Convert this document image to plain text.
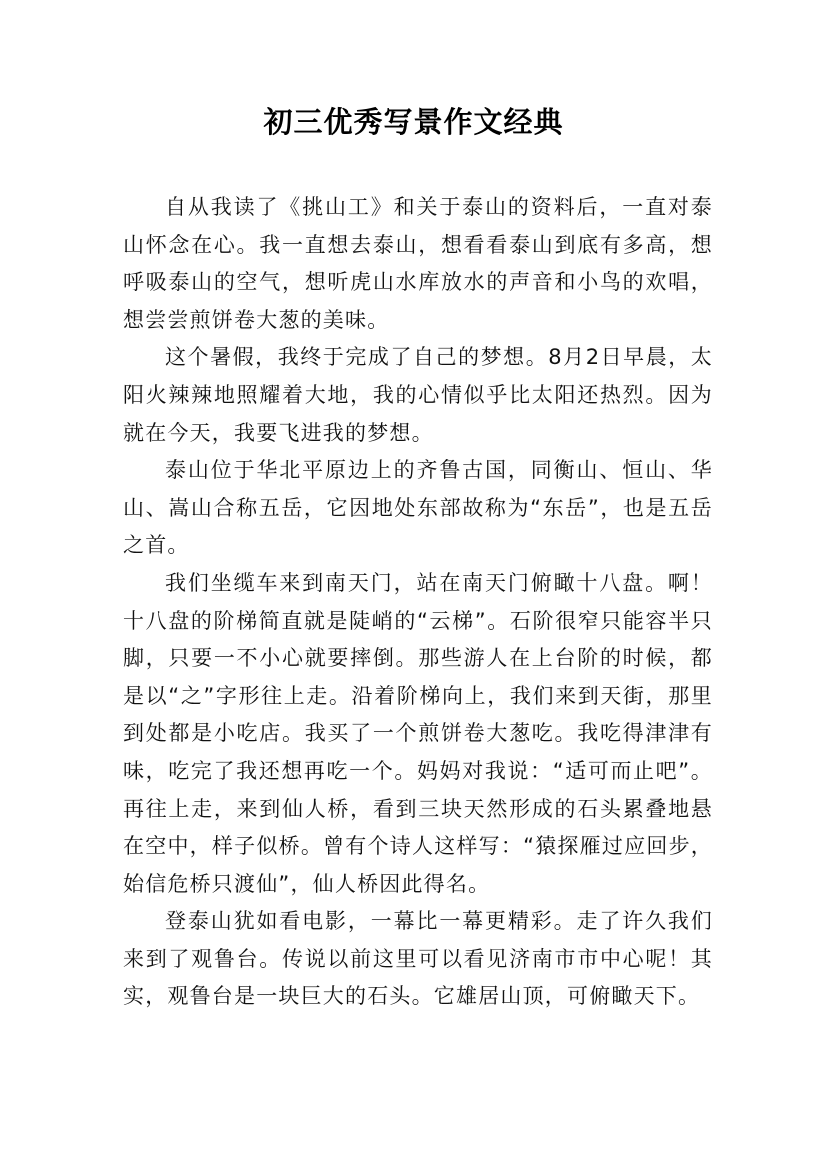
初三优秀写景作文经典

自从我读了《挑山工》和关于泰山的资料后，一直对泰山怀念在心。我一直想去泰山，想看看泰山到底有多高，想呼吸泰山的空气，想听虎山水库放水的声音和小鸟的欢唱，想尝尝煎饼卷大葱的美味。

这个暑假，我终于完成了自己的梦想。8月2日早晨，太阳火辣辣地照耀着大地，我的心情似乎比太阳还热烈。因为就在今天，我要飞进我的梦想。

泰山位于华北平原边上的齐鲁古国，同衡山、恒山、华山、嵩山合称五岳，它因地处东部故称为“东岳”，也是五岳之首。

我们坐缆车来到南天门，站在南天门俯瞰十八盘。啊！十八盘的阶梯简直就是陡峭的“云梯”。石阶很窄只能容半只脚，只要一不小心就要摔倒。那些游人在上台阶的时候，都是以“之”字形往上走。沿着阶梯向上，我们来到天街，那里到处都是小吃店。我买了一个煎饼卷大葱吃。我吃得津津有味，吃完了我还想再吃一个。妈妈对我说：“适可而止吧”。再往上走，来到仙人桥，看到三块天然形成的石头累叠地悬在空中，样子似桥。曾有个诗人这样写：“猿探雁过应回步，始信危桥只渡仙”，仙人桥因此得名。

登泰山犹如看电影，一幕比一幕更精彩。走了许久我们来到了观鲁台。传说以前这里可以看见济南市市中心呢！其实，观鲁台是一块巨大的石头。它雄居山顶，可俯瞰天下。
